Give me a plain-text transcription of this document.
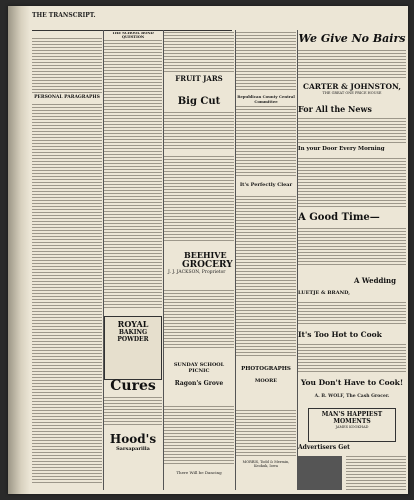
THE TRANSCRIPT.
PERSONAL PARAGRAPHS
THE SCHOOL BOND QUESTION
ROYAL
BAKING
POWDER
Cures
Hood's
Sarsaparilla
FRUIT JARS
Big Cut
BEEHIVE
GROCERY
J. J. JACKSON, Proprietor
SUNDAY SCHOOL PICNIC
Ragon's Grove
There Will be Dancing
Republican County Central Committee
It's Perfectly Clear
PHOTOGRAPHS
MOORE
MORRIS, Todd & Mermin, Keokuk, Iowa
We Give No Bairs
CARTER & JOHNSTON,
THE GREAT ONE PRICE HOUSE
For All the News
In your Door Every Morning
A Good Time—
A Wedding
LUETJE & BRAND,
It's Too Hot to Cook
You Don't Have to Cook!
A. B. WOLF, The Cash Grocer.
MAN'S HAPPIEST MOMENTS
JAMES KOOKHAD
Advertisers Get
